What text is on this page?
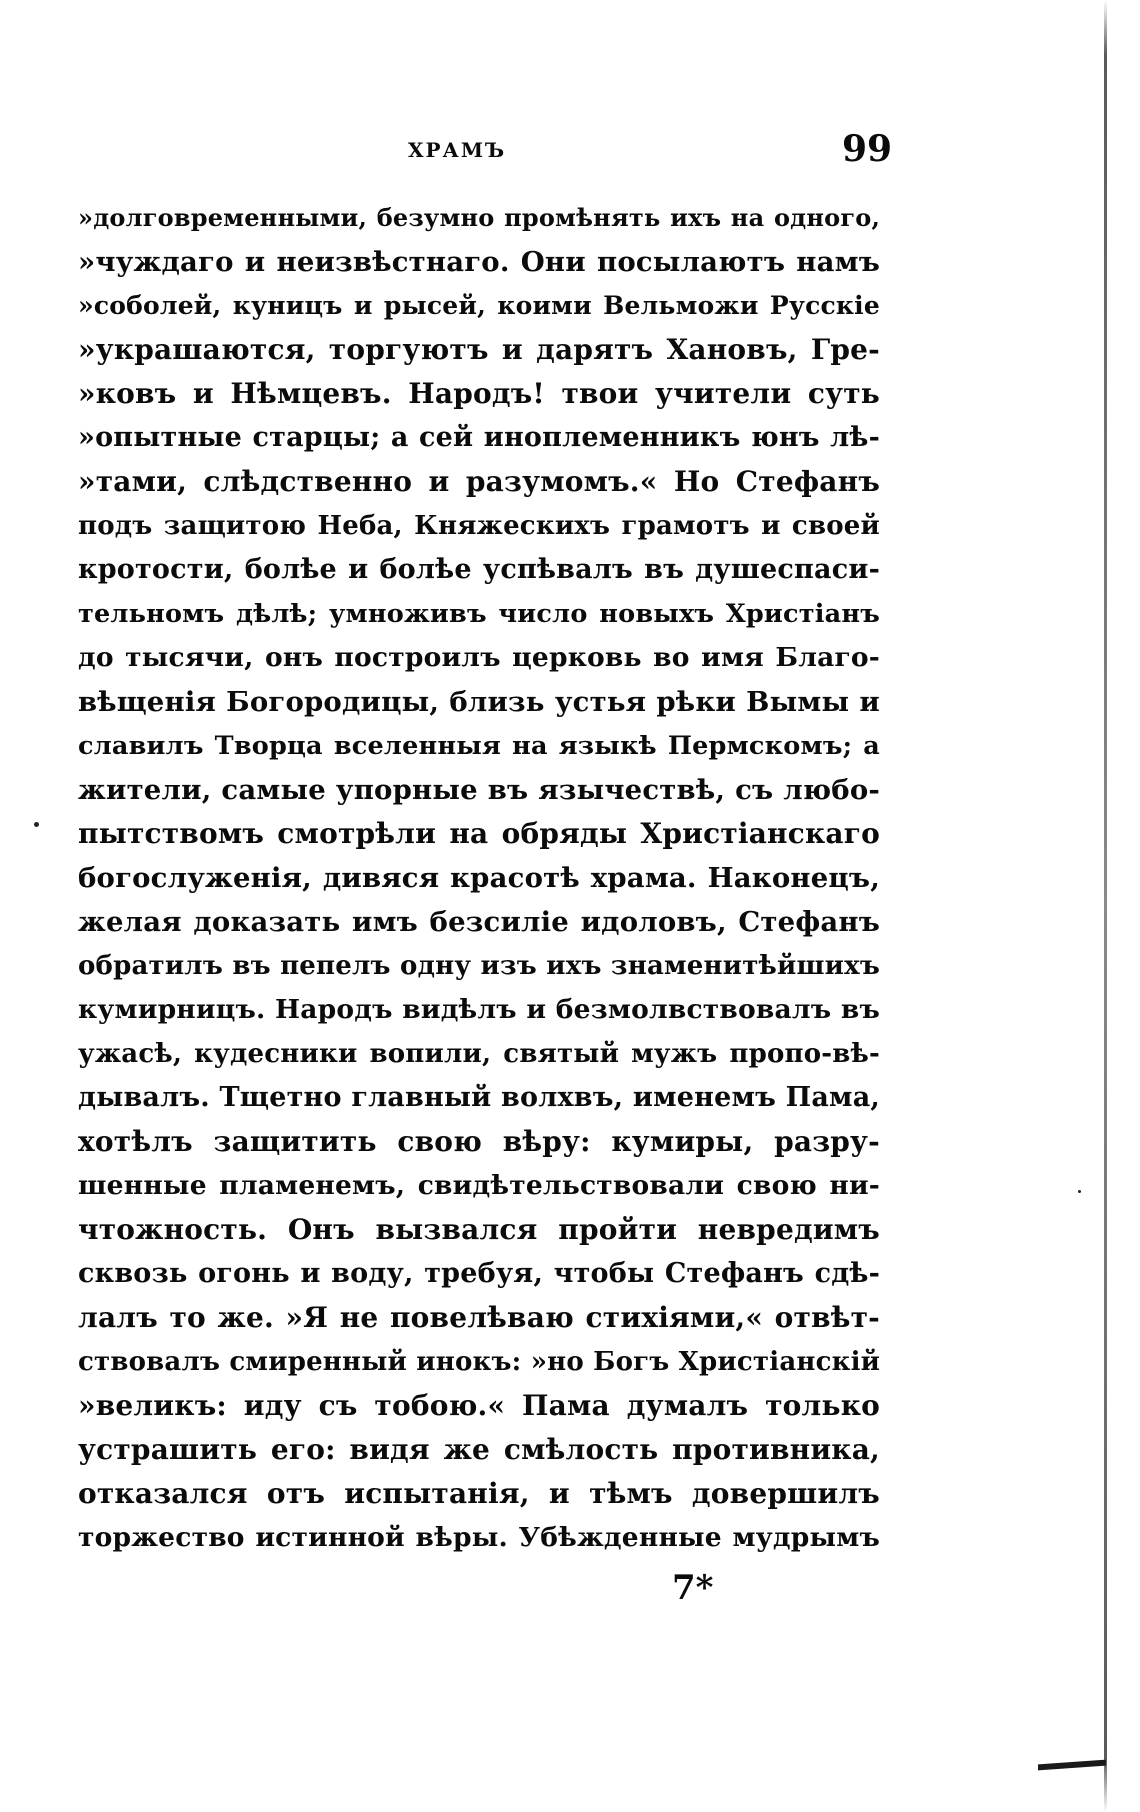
ХРАМЪ	99
»долговременными, безумно промѣнять ихъ на одного,
»чуждаго и неизвѣстнаго. Они посылаютъ намъ
»соболей, куницъ и рысей, коими Вельможи Русскіе
»украшаются, торгуютъ и дарятъ Хановъ, Гре-
»ковъ и Нѣмцевъ. Народъ! твои учители суть
»опытные старцы; а сей иноплеменникъ юнъ лѣ-
»тами, слѣдственно и разумомъ.« Но Стефанъ
подъ защитою Неба, Княжескихъ грамотъ и своей
кротости, болѣе и болѣе успѣвалъ въ душеспаси-
тельномъ дѣлѣ; умноживъ число новыхъ Христіанъ
до тысячи, онъ построилъ церковь во имя Благо-
вѣщенія Богородицы, близь устья рѣки Вымы и
славилъ Творца вселенныя на языкѣ Пермскомъ; а
жители, самые упорные въ язычествѣ, съ любо-
пытствомъ смотрѣли на обряды Христіанскаго
богослуженія, дивяся красотѣ храма. Наконецъ,
желая доказать имъ безсиліе идоловъ, Стефанъ
обратилъ въ пепелъ одну изъ ихъ знаменитѣйшихъ
кумирницъ. Народъ видѣлъ и безмолвствовалъ въ
ужасѣ, кудесники вопили, святый мужъ пропо-вѣ-
дывалъ. Тщетно главный волхвъ, именемъ Пама,
хотѣлъ защитить свою вѣру: кумиры, разру-
шенные пламенемъ, свидѣтельствовали свою ни-
чтожность. Онъ вызвался пройти невредимъ
сквозь огонь и воду, требуя, чтобы Стефанъ сдѣ-
лалъ то же. »Я не повелѣваю стихіями,« отвѣт-
ствовалъ смиренный инокъ: »но Богъ Христіанскій
»великъ: иду съ тобою.« Пама думалъ только
устрашить его: видя же смѣлость противника,
отказался отъ испытанія, и тѣмъ довершилъ
торжество истинной вѣры. Убѣжденные мудрымъ
7*
